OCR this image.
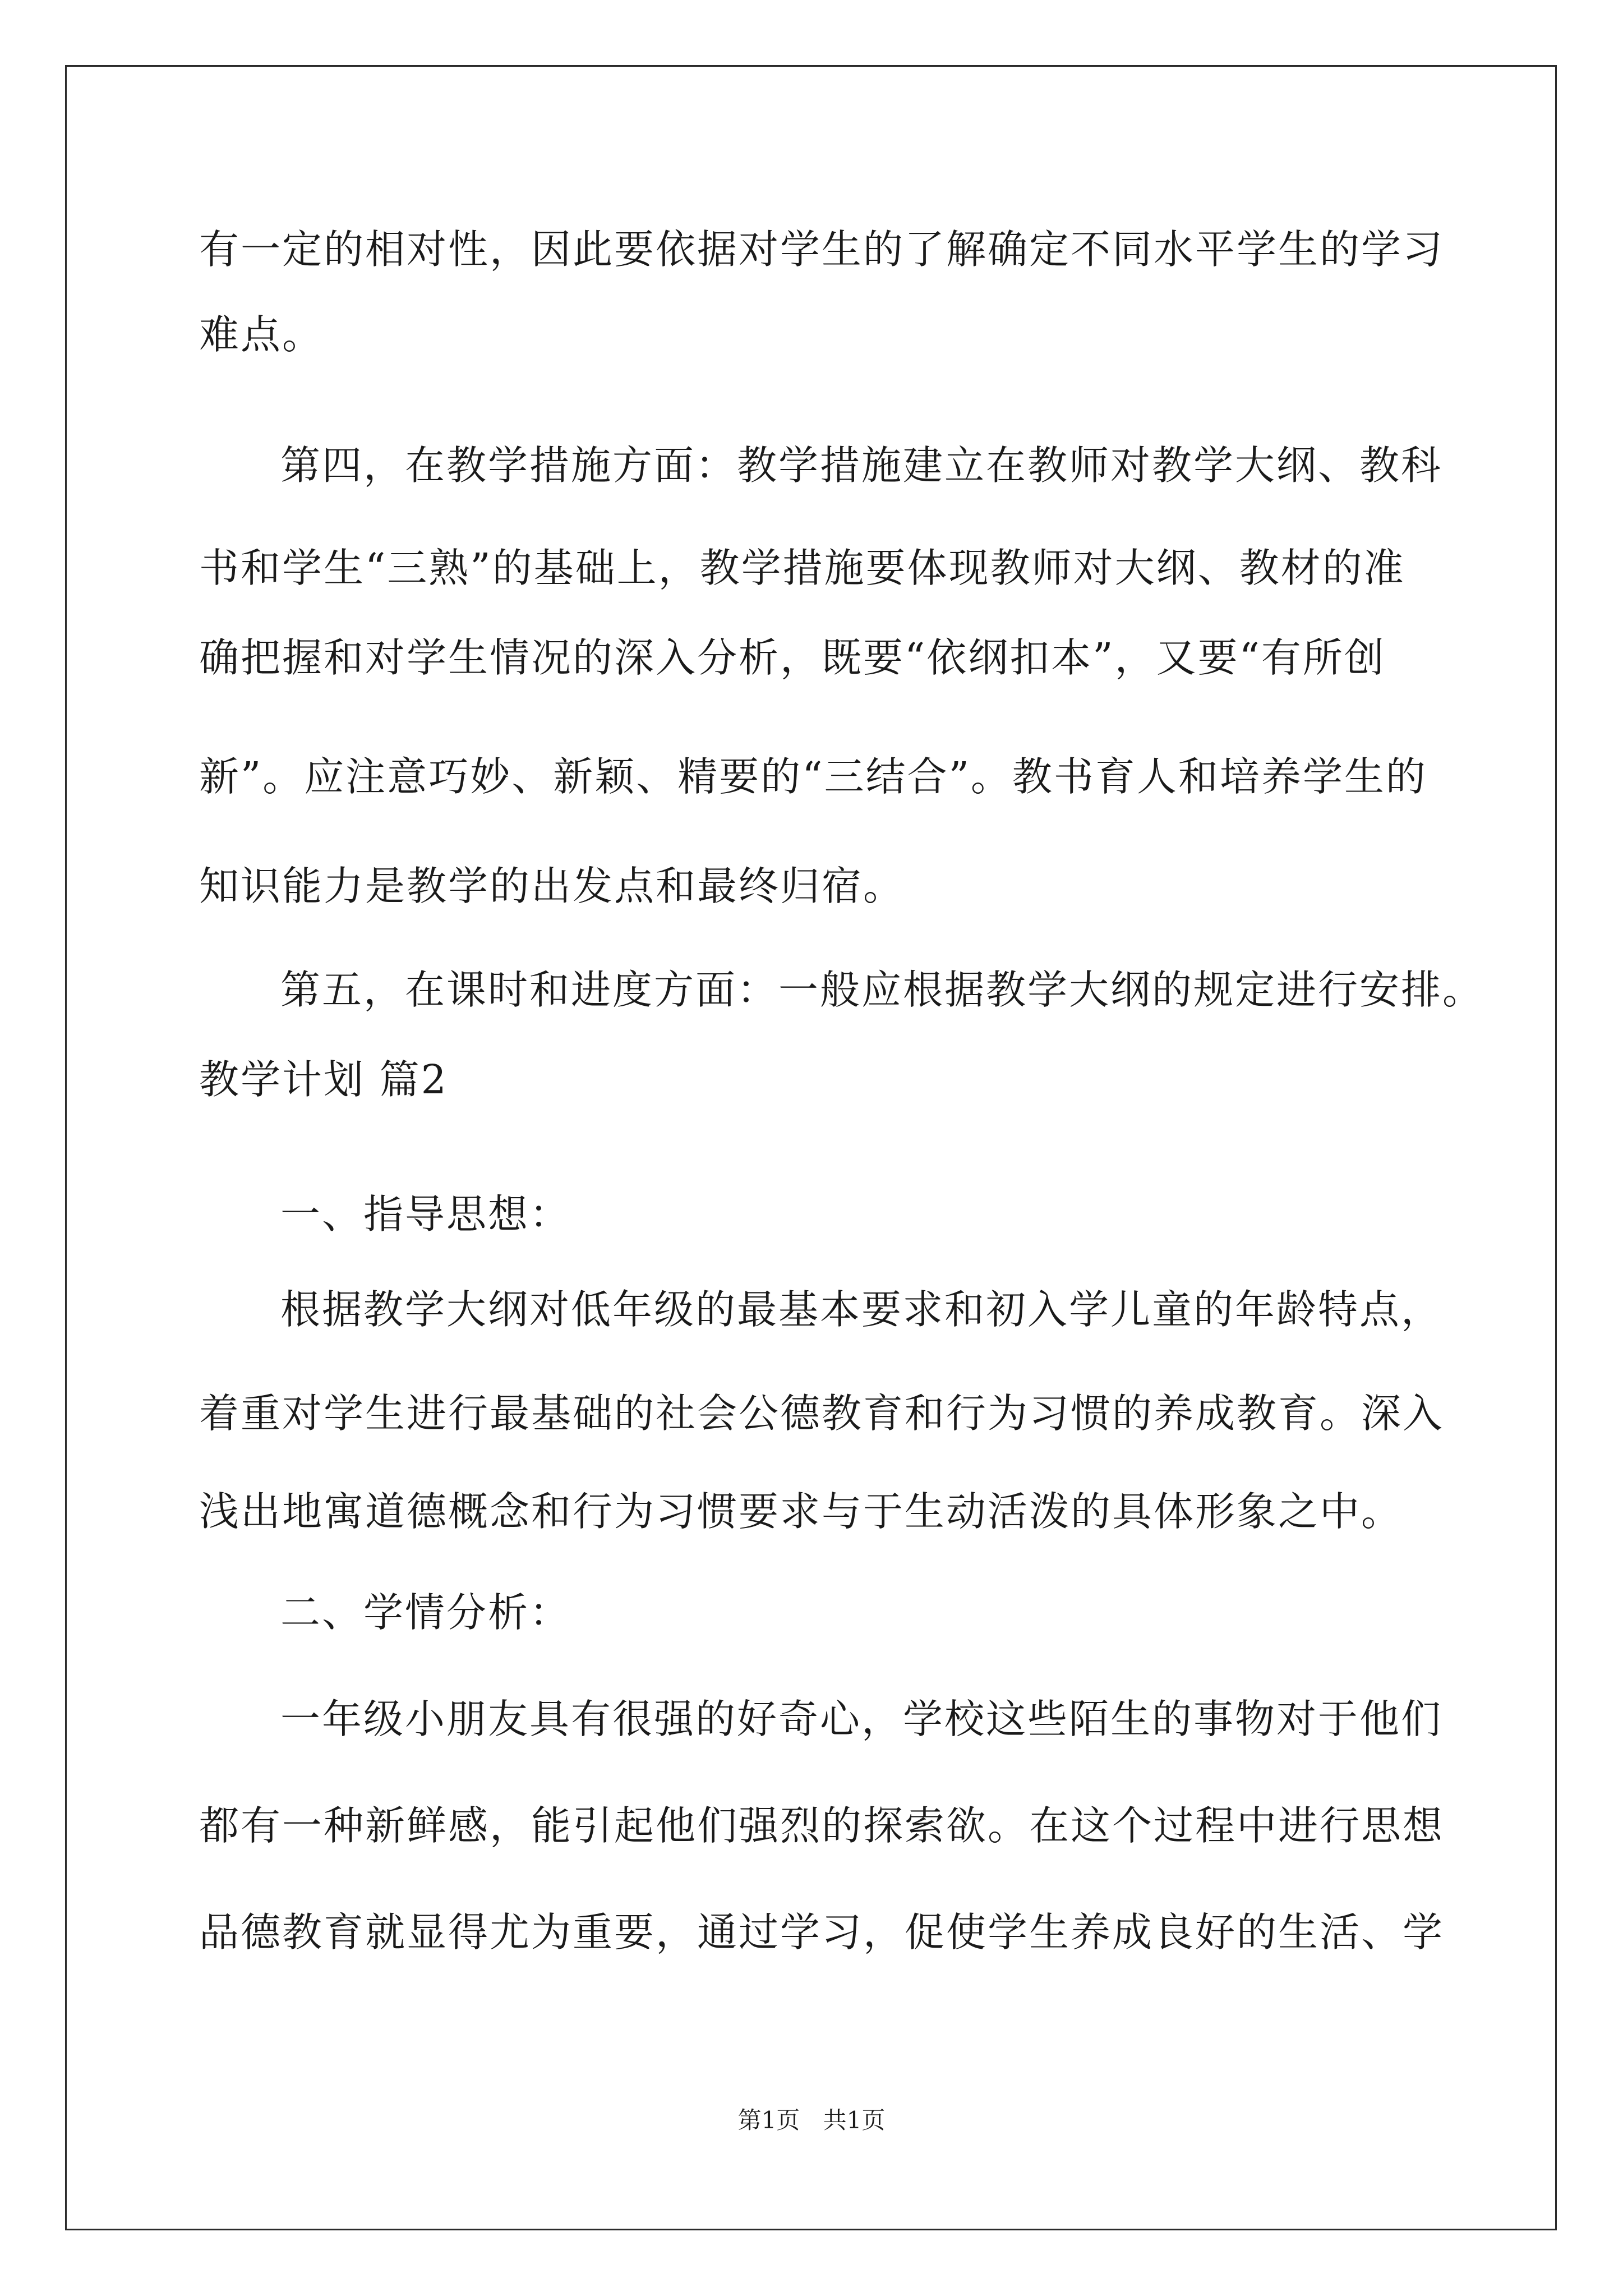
有一定的相对性，因此要依据对学生的了解确定不同水平学生的学习
难点。
第四，在教学措施方面：教学措施建立在教师对教学大纲、教科
书和学生“三熟”的基础上，教学措施要体现教师对大纲、教材的准
确把握和对学生情况的深入分析，既要“依纲扣本”，又要“有所创
新”。应注意巧妙、新颖、精要的“三结合”。教书育人和培养学生的
知识能力是教学的出发点和最终归宿。
第五，在课时和进度方面：一般应根据教学大纲的规定进行安排。
教学计划 篇2
一、指导思想：
根据教学大纲对低年级的最基本要求和初入学儿童的年龄特点，
着重对学生进行最基础的社会公德教育和行为习惯的养成教育。深入
浅出地寓道德概念和行为习惯要求与于生动活泼的具体形象之中。
二、学情分析：
一年级小朋友具有很强的好奇心，学校这些陌生的事物对于他们
都有一种新鲜感，能引起他们强烈的探索欲。在这个过程中进行思想
品德教育就显得尤为重要，通过学习，促使学生养成良好的生活、学
第1页 共1页
